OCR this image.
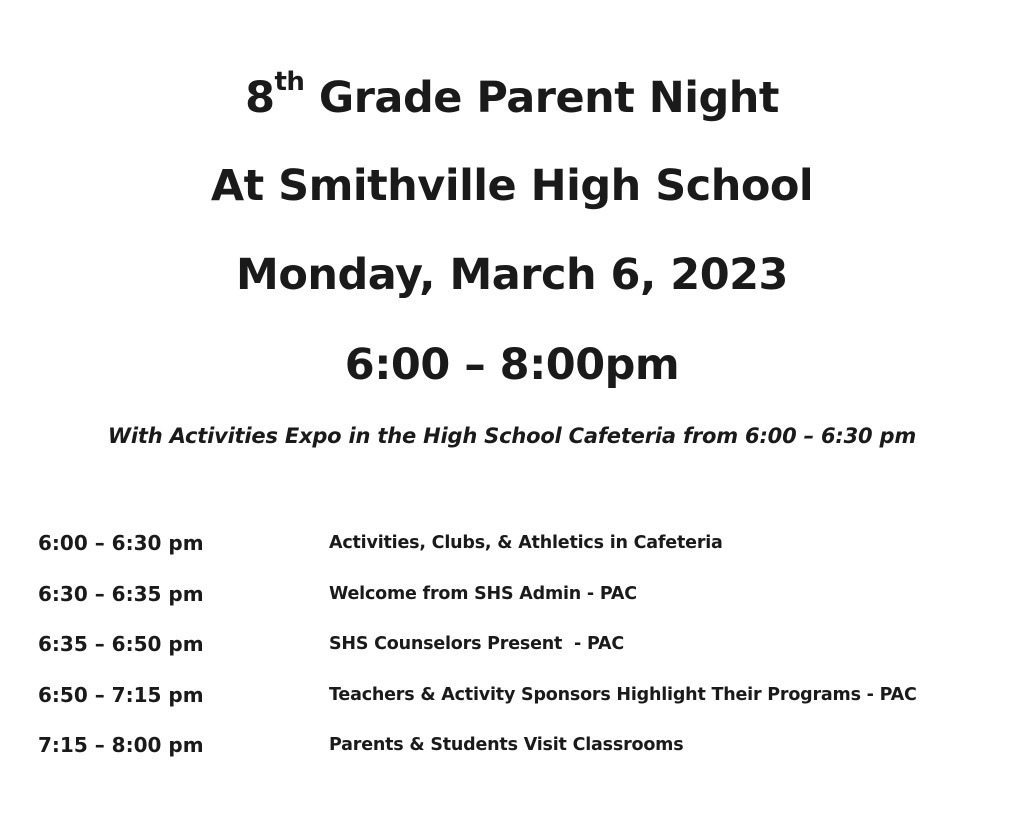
8th Grade Parent Night
At Smithville High School
Monday, March 6, 2023
6:00 – 8:00pm
With Activities Expo in the High School Cafeteria from 6:00 – 6:30 pm
6:00 – 6:30 pm	Activities, Clubs, & Athletics in Cafeteria
6:30 – 6:35 pm	Welcome from SHS Admin - PAC
6:35 – 6:50 pm	SHS Counselors Present  - PAC
6:50 – 7:15 pm	Teachers & Activity Sponsors Highlight Their Programs - PAC
7:15 – 8:00 pm	Parents & Students Visit Classrooms
